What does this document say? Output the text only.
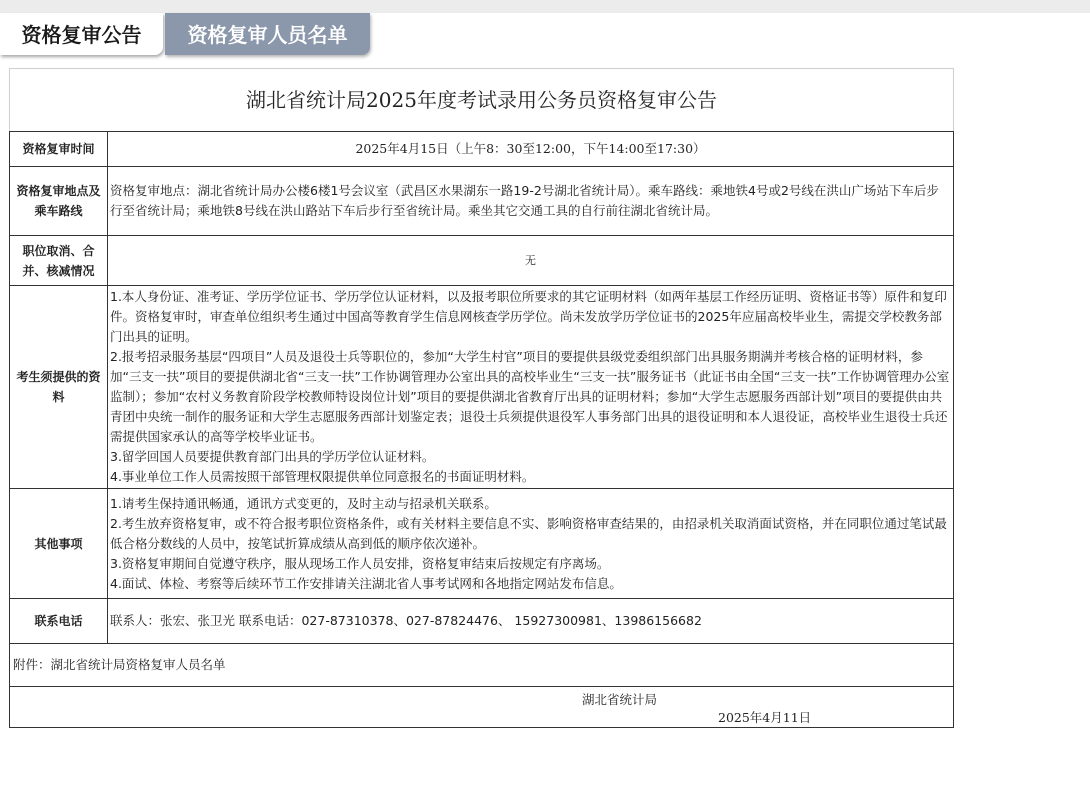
资格复审公告	资格复审人员名单
湖北省统计局2025年度考试录用公务员资格复审公告	
资格复审时间	2025年4月15日（上午8：30至12:00，下午14:00至17:30）
资格复审地点及乘车路线	资格复审地点：湖北省统计局办公楼6楼1号会议室（武昌区水果湖东一路19-2号湖北省统计局）。乘车路线：乘地铁4号或2号线在洪山广场站下车后步行至省统计局；乘地铁8号线在洪山路站下车后步行至省统计局。乘坐其它交通工具的自行前往湖北省统计局。
职位取消、合并、核减情况	无
考生须提供的资料	1.本人身份证、准考证、学历学位证书、学历学位认证材料，以及报考职位所要求的其它证明材料（如两年基层工作经历证明、资格证书等）原件和复印件。资格复审时，审查单位组织考生通过中国高等教育学生信息网核查学历学位。尚未发放学历学位证书的2025年应届高校毕业生，需提交学校教务部门出具的证明。
2.报考招录服务基层“四项目”人员及退役士兵等职位的，参加“大学生村官”项目的要提供县级党委组织部门出具服务期满并考核合格的证明材料，参加“三支一扶”项目的要提供湖北省“三支一扶”工作协调管理办公室出具的高校毕业生“三支一扶”服务证书（此证书由全国“三支一扶”工作协调管理办公室监制）；参加“农村义务教育阶段学校教师特设岗位计划”项目的要提供湖北省教育厅出具的证明材料；参加“大学生志愿服务西部计划”项目的要提供由共青团中央统一制作的服务证和大学生志愿服务西部计划鉴定表；退役士兵须提供退役军人事务部门出具的退役证明和本人退役证，高校毕业生退役士兵还需提供国家承认的高等学校毕业证书。
3.留学回国人员要提供教育部门出具的学历学位认证材料。
4.事业单位工作人员需按照干部管理权限提供单位同意报名的书面证明材料。

其他事项	1.请考生保持通讯畅通，通讯方式变更的，及时主动与招录机关联系。
2.考生放弃资格复审，或不符合报考职位资格条件，或有关材料主要信息不实、影响资格审查结果的，由招录机关取消面试资格，并在同职位通过笔试最低合格分数线的人员中，按笔试折算成绩从高到低的顺序依次递补。
3.资格复审期间自觉遵守秩序，服从现场工作人员安排，资格复审结束后按规定有序离场。
4.面试、体检、考察等后续环节工作安排请关注湖北省人事考试网和各地指定网站发布信息。

联系电话	联系人：张宏、张卫光 联系电话：027-87310378、027-87824476、 15927300981、13986156682
附件：湖北省统计局资格复审人员名单	

湖北省统计局
2025年4月11日	
